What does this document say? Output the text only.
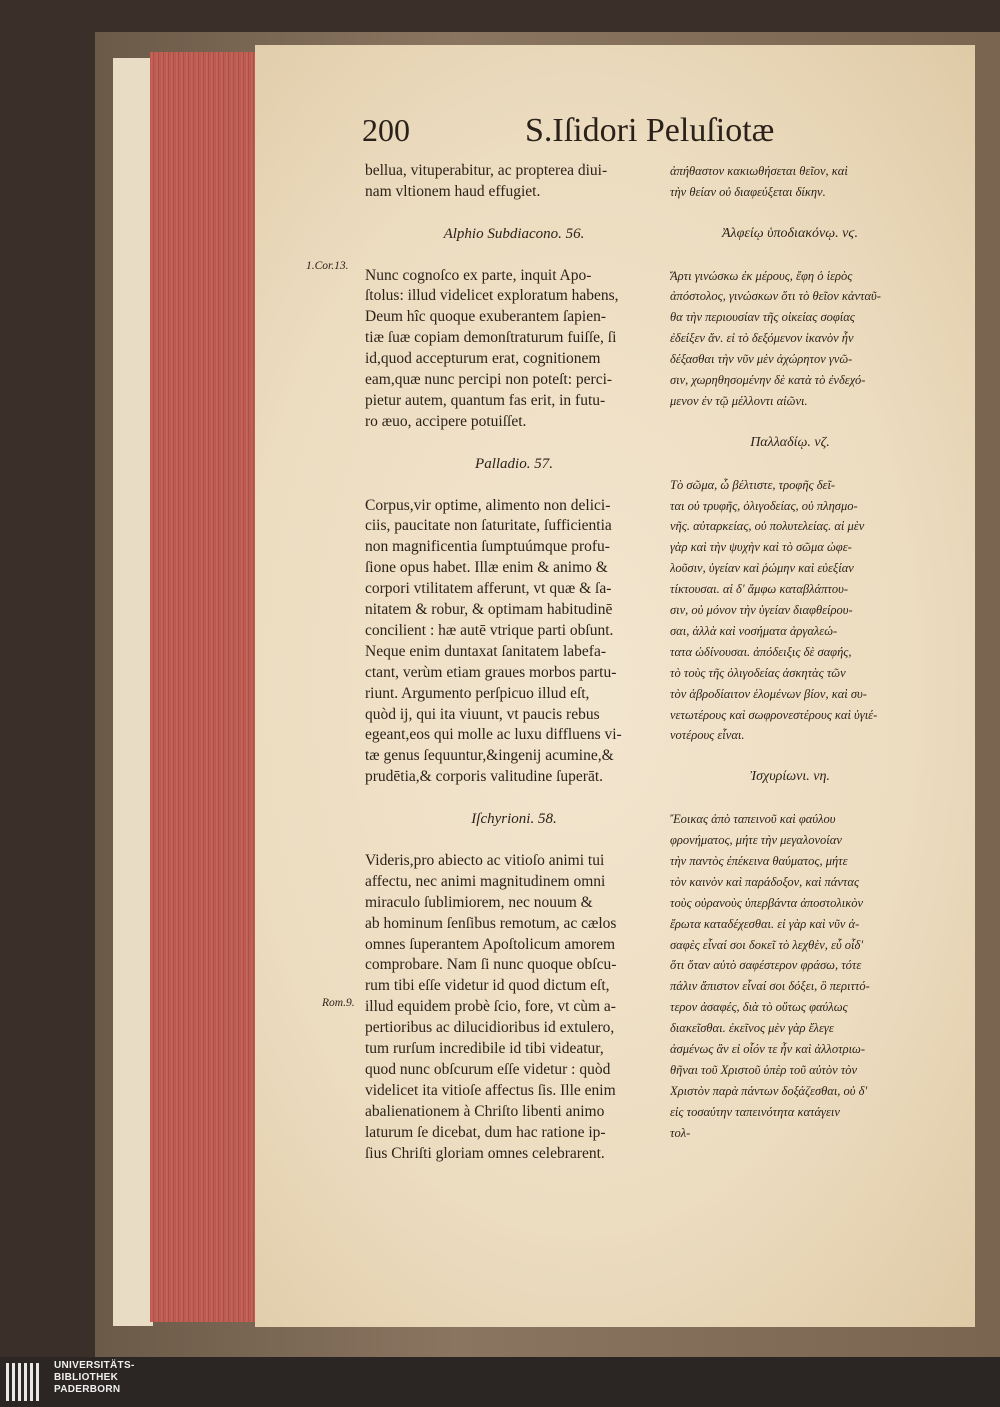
200	S.Iſidori Peluſiotæ
bellua, vituperabitur, ac propterea diui-
nam vltionem haud effugiet.

Alphio Subdiacono. 56.

Nunc cognoſco ex parte, inquit Apo-
ſtolus: illud videlicet exploratum habens,
Deum hîc quoque exuberantem ſapien-
tiæ ſuæ copiam demonſtraturum fuiſſe, ſi
id,quod accepturum erat, cognitionem
eam,quæ nunc percipi non poteſt: perci-
pietur autem, quantum fas erit, in futu-
ro æuo, accipere potuiſſet.

Palladio. 57.

Corpus,vir optime, alimento non delici-
ciis, paucitate non ſaturitate, ſufficientia
non magnificentia ſumptuúmque profu-
ſione opus habet. Illæ enim & animo &
corpori vtilitatem afferunt, vt quæ & ſa-
nitatem & robur, & optimam habitudinē
concilient : hæ autē vtrique parti obſunt.
Neque enim duntaxat ſanitatem labefa-
ctant, verùm etiam graues morbos partu-
riunt. Argumento perſpicuo illud eſt,
quòd ij, qui ita viuunt, vt paucis rebus
egeant,eos qui molle ac luxu diffluens vi-
tæ genus ſequuntur,&ingenij acumine,&
prudētia,& corporis valitudine ſuperāt.

Iſchyrioni. 58.

Videris,pro abiecto ac vitioſo animi tui
affectu, nec animi magnitudinem omni
miraculo ſublimiorem, nec nouum &
ab hominum ſenſibus remotum, ac cælos
omnes ſuperantem Apoſtolicum amorem
comprobare. Nam ſi nunc quoque obſcu-
rum tibi eſſe videtur id quod dictum eſt,
illud equidem probè ſcio, fore, vt cùm a-
pertioribus ac dilucidioribus id extulero,
tum rurſum incredibile id tibi videatur,
quod nunc obſcurum eſſe videtur : quòd
videlicet ita vitioſe affectus ſis. Ille enim
abalienationem à Chriſto libenti animo
laturum ſe dicebat, dum hac ratione ip-
ſius Chriſti gloriam omnes celebrarent.
ἀπήθαστον κακιωθήσεται θεῖον, καὶ
τὴν θείαν οὐ διαφεύξεται δίκην.

Ἀλφείῳ ὑποδιακόνῳ. νϛ.

Ἄρτι γινώσκω ἐκ μέρους, ἔφη ὁ ἱερὸς
ἀπόστολος, γινώσκων ὅτι τὸ θεῖον κἀνταῦ-
θα τὴν περιουσίαν τῆς οἰκείας σοφίας
ἐδείξεν ἄν. εἰ τὸ δεξόμενον ἱκανὸν ἦν
δέξασθαι τὴν νῦν μὲν ἀχώρητον γνῶ-
σιν, χωρηθησομένην δὲ κατὰ τὸ ἐνδεχό-
μενον ἐν τῷ μέλλοντι αἰῶνι.

Παλλαδίῳ. νζ.

Τὸ σῶμα, ὦ βέλτιστε, τροφῆς δεῖ-
ται οὐ τρυφῆς, ὀλιγοδείας, οὐ πλησμο-
νῆς. αὐταρκείας, οὐ πολυτελείας. αἱ μὲν
γὰρ καὶ τὴν ψυχὴν καὶ τὸ σῶμα ὠφε-
λοῦσιν, ὑγείαν καὶ ῥώμην καὶ εὐεξίαν
τίκτουσαι. αἱ δ' ἄμφω καταβλάπτου-
σιν, οὐ μόνον τὴν ὑγείαν διαφθείρου-
σαι, ἀλλὰ καὶ νοσήματα ἀργαλεώ-
τατα ὠδίνουσαι. ἀπόδειξις δὲ σαφής,
τὸ τοὺς τῆς ὀλιγοδείας ἀσκητὰς τῶν
τὸν ἁβροδίαιτον ἑλομένων βίον, καὶ συ-
νετωτέρους καὶ σωφρονεστέρους καὶ ὑγιέ-
νοτέρους εἶναι.

Ἰσχυρίωνι. νη.

Ἔοικας ἀπὸ ταπεινοῦ καὶ φαύλου
φρονήματος, μήτε τὴν μεγαλονοίαν
τὴν παντὸς ἐπέκεινα θαύματος, μήτε
τὸν καινὸν καὶ παράδοξον, καὶ πάντας
τοὺς οὐρανοὺς ὑπερβάντα ἀποστολικὸν
ἔρωτα καταδέχεσθαι. εἰ γὰρ καὶ νῦν ἀ-
σαφὲς εἶναί σοι δοκεῖ τὸ λεχθὲν, εὖ οἶδ'
ὅτι ὅταν αὐτὸ σαφέστερον φράσω, τότε
πάλιν ἄπιστον εἶναί σοι δόξει, ὃ περιττό-
τερον ἀσαφές, διὰ τὸ οὕτως φαύλως
διακεῖσθαι. ἐκεῖνος μὲν γὰρ ἔλεγε
ἀσμένως ἂν εἰ οἷόν τε ἦν καὶ ἀλλοτριω-
θῆναι τοῦ Χριστοῦ ὑπὲρ τοῦ αὐτὸν τὸν
Χριστὸν παρὰ πάντων δοξάζεσθαι, οὐ δ'
εἰς τοσαύτην ταπεινότητα κατάγειν
τολ-
1.Cor.13.
Rom.9.
UNIVERSITÄTS-
BIBLIOTHEK
PADERBORN
